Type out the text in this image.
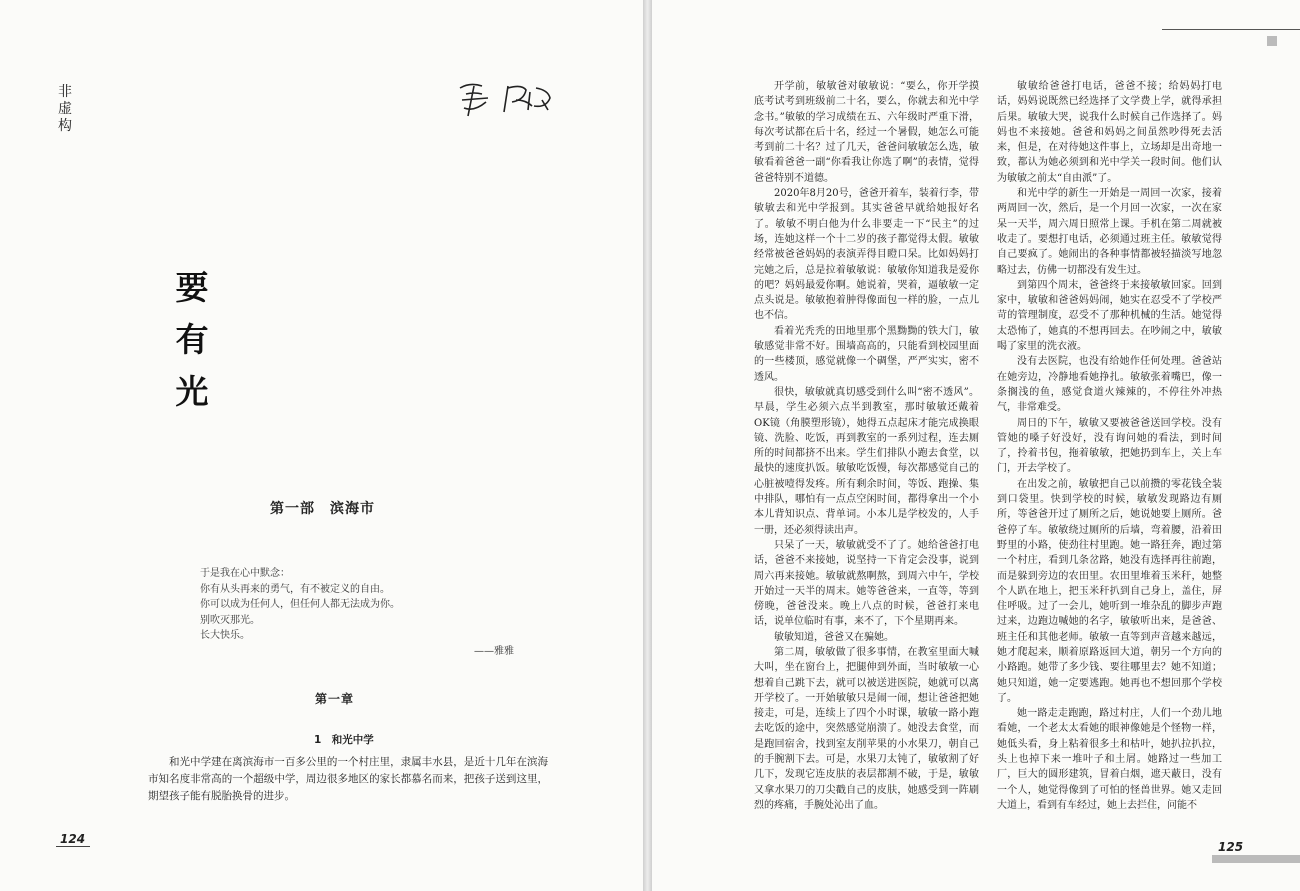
非虚构
要有光
第一部　滨海市
于是我在心中默念：
你有从头再来的勇气，有不被定义的自由。
你可以成为任何人，但任何人都无法成为你。
别吹灭那光。
长大快乐。
——雅雅
第一章
1　和光中学

和光中学建在离滨海市一百多公里的一个村庄里，隶属丰水县，是近十几年在滨海市知名度非常高的一个超级中学，周边很多地区的家长都慕名而来，把孩子送到这里，期望孩子能有脱胎换骨的进步。

124

开学前，敏敏爸对敏敏说：“要么，你开学摸底考试考到班级前二十名，要么，你就去和光中学念书。”敏敏的学习成绩在五、六年级时严重下滑，每次考试都在后十名，经过一个暑假，她怎么可能考到前二十名？过了几天，爸爸问敏敏怎么选，敏敏看着爸爸一副“你看我让你选了啊”的表情，觉得爸爸特别不道德。

2020年8月20号，爸爸开着车，装着行李，带敏敏去和光中学报到。其实爸爸早就给她报好名了。敏敏不明白他为什么非要走一下“民主”的过场，连她这样一个十二岁的孩子都觉得太假。敏敏经常被爸爸妈妈的表演弄得目瞪口呆。比如妈妈打完她之后，总是拉着敏敏说：敏敏你知道我是爱你的吧？妈妈最爱你啊。她说着，哭着，逼敏敏一定点头说是。敏敏抱着肿得像面包一样的脸，一点儿也不信。

看着光秃秃的田地里那个黑黝黝的铁大门，敏敏感觉非常不好。围墙高高的，只能看到校园里面的一些楼顶，感觉就像一个碉堡，严严实实，密不透风。

很快，敏敏就真切感受到什么叫“密不透风”。早晨，学生必须六点半到教室，那时敏敏还戴着OK镜（角膜塑形镜），她得五点起床才能完成换眼镜、洗脸、吃饭，再到教室的一系列过程，连去厕所的时间都挤不出来。学生们排队小跑去食堂，以最快的速度扒饭。敏敏吃饭慢，每次都感觉自己的心脏被噎得发疼。所有剩余时间，等饭、跑操、集中排队，哪怕有一点点空闲时间，都得拿出一个小本儿背知识点、背单词。小本儿是学校发的，人手一册，还必须得读出声。

只呆了一天，敏敏就受不了了。她给爸爸打电话，爸爸不来接她，说坚持一下肯定会没事，说到周六再来接她。敏敏就熬啊熬，到周六中午，学校开始过一天半的周末。她等爸爸来，一直等，等到傍晚，爸爸没来。晚上八点的时候，爸爸打来电话，说单位临时有事，来不了，下个星期再来。

敏敏知道，爸爸又在骗她。

第二周，敏敏做了很多事情，在教室里面大喊大叫，坐在窗台上，把腿伸到外面，当时敏敏一心想着自己跳下去，就可以被送进医院，她就可以离开学校了。一开始敏敏只是闹一闹，想让爸爸把她接走，可是，连续上了四个小时课，敏敏一路小跑去吃饭的途中，突然感觉崩溃了。她没去食堂，而是跑回宿舍，找到室友削苹果的小水果刀，朝自己的手腕割下去。可是，水果刀太钝了，敏敏割了好几下，发现它连皮肤的表层都割不破，于是，敏敏又拿水果刀的刀尖戳自己的皮肤，她感受到一阵刷烈的疼痛，手腕处沁出了血。

敏敏给爸爸打电话，爸爸不接；给妈妈打电话，妈妈说既然已经选择了文学费上学，就得承担后果。敏敏大哭，说我什么时候自己作选择了。妈妈也不来接她。爸爸和妈妈之间虽然吵得死去活来，但是，在对待她这件事上，立场却是出奇地一致，都认为她必须到和光中学关一段时间。他们认为敏敏之前太“自由派”了。

和光中学的新生一开始是一周回一次家，接着两周回一次，然后，是一个月回一次家，一次在家呆一天半，周六周日照常上课。手机在第二周就被收走了。要想打电话，必须通过班主任。敏敏觉得自己要疯了。她闹出的各种事情都被轻描淡写地忽略过去，仿佛一切都没有发生过。

到第四个周末，爸爸终于来接敏敏回家。回到家中，敏敏和爸爸妈妈闹，她实在忍受不了学校严苛的管理制度，忍受不了那种机械的生活。她觉得太恐怖了，她真的不想再回去。在吵闹之中，敏敏喝了家里的洗衣液。

没有去医院，也没有给她作任何处理。爸爸站在她旁边，冷静地看她挣扎。敏敏张着嘴巴，像一条搁浅的鱼，感觉食道火辣辣的，不停往外冲热气，非常难受。

周日的下午，敏敏又要被爸爸送回学校。没有管她的嗓子好没好，没有询问她的看法，到时间了，拎着书包，拖着敏敏，把她扔到车上，关上车门，开去学校了。

在出发之前，敏敏把自己以前攒的零花钱全装到口袋里。快到学校的时候，敏敏发现路边有厕所，等爸爸开过了厕所之后，她说她要上厕所。爸爸停了车。敏敏绕过厕所的后墙，弯着腰，沿着田野里的小路，使劲往村里跑。她一路狂奔，跑过第一个村庄，看到几条岔路，她没有选择再往前跑，而是躲到旁边的农田里。农田里堆着玉米秆，她整个人趴在地上，把玉米秆扒到自己身上，盖住，屏住呼吸。过了一会儿，她听到一堆杂乱的脚步声跑过来，边跑边喊她的名字，敏敏听出来，是爸爸、班主任和其他老师。敏敏一直等到声音越来越远，她才爬起来，顺着原路返回大道，朝另一个方向的小路跑。她带了多少钱、要往哪里去？她不知道；她只知道，她一定要逃跑。她再也不想回那个学校了。

她一路走走跑跑，路过村庄，人们一个劲儿地看她，一个老太太看她的眼神像她是个怪物一样，她低头看，身上粘着很多土和枯叶，她扒拉扒拉，头上也掉下来一堆叶子和土屑。她路过一些加工厂，巨大的圆形建筑，冒着白烟，遮天蔽日，没有一个人，她觉得像到了可怕的怪兽世界。她又走回大道上，看到有车经过，她上去拦住，问能不

125
